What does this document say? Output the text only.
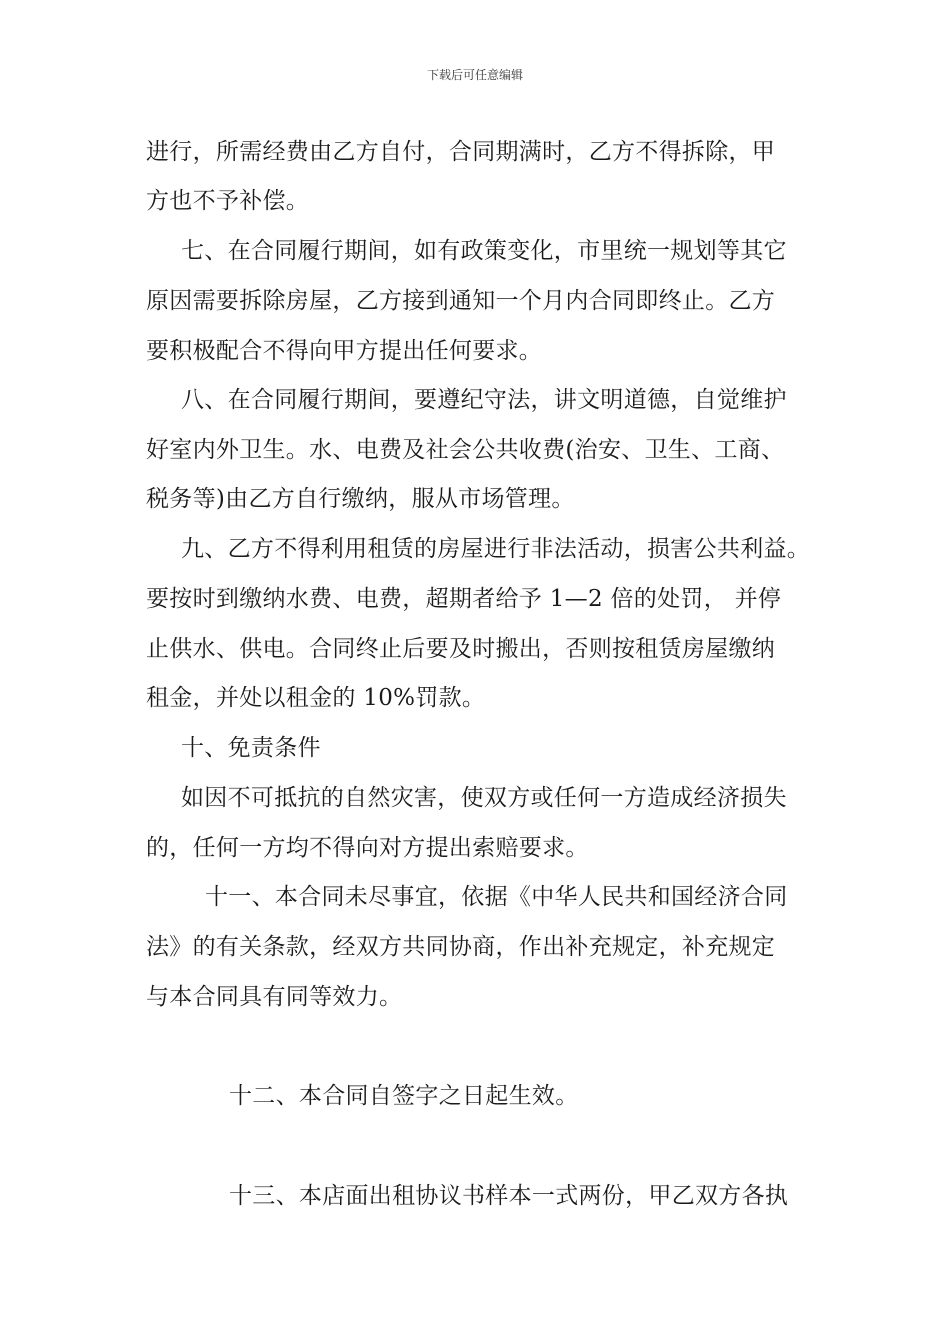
下载后可任意编辑
进行，所需经费由乙方自付，合同期满时，乙方不得拆除，甲
方也不予补偿。
七、在合同履行期间，如有政策变化，市里统一规划等其它
原因需要拆除房屋，乙方接到通知一个月内合同即终止。乙方
要积极配合不得向甲方提出任何要求。
八、在合同履行期间，要遵纪守法，讲文明道德，自觉维护
好室内外卫生。水、电费及社会公共收费(治安、卫生、工商、
税务等)由乙方自行缴纳，服从市场管理。
九、乙方不得利用租赁的房屋进行非法活动，损害公共利益。
要按时到缴纳水费、电费，超期者给予 1—2 倍的处罚， 并停
止供水、供电。合同终止后要及时搬出，否则按租赁房屋缴纳
租金，并处以租金的 10%罚款。
十、免责条件
如因不可抵抗的自然灾害，使双方或任何一方造成经济损失
的，任何一方均不得向对方提出索赔要求。
十一、本合同未尽事宜，依据《中华人民共和国经济合同
法》的有关条款，经双方共同协商，作出补充规定，补充规定
与本合同具有同等效力。
十二、本合同自签字之日起生效。
十三、本店面出租协议书样本一式两份，甲乙双方各执
